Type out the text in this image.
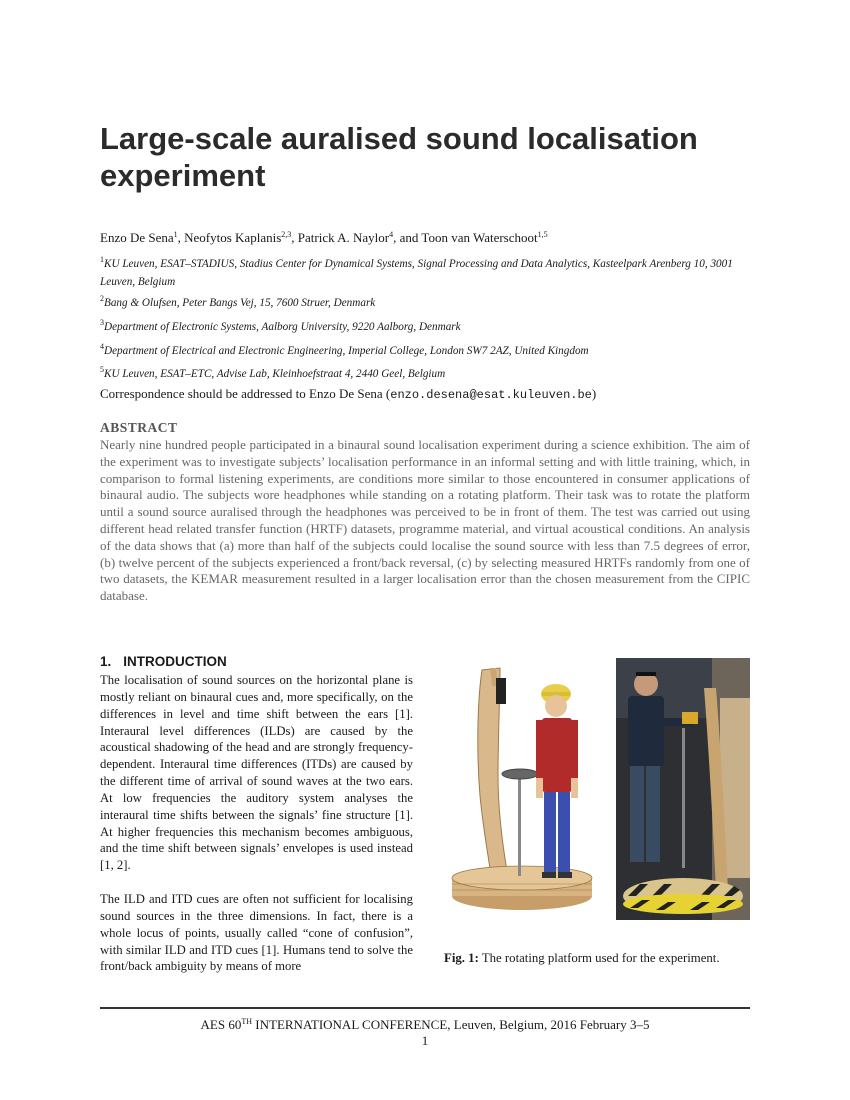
Large-scale auralised sound localisation experiment
Enzo De Sena$^1$, Neofytos Kaplanis$^{2,3}$, Patrick A. Naylor$^4$, and Toon van Waterschoot$^{1,5}$
$^1$KU Leuven, ESAT–STADIUS, Stadius Center for Dynamical Systems, Signal Processing and Data Analytics, Kasteelpark Arenberg 10, 3001 Leuven, Belgium
$^2$Bang & Olufsen, Peter Bangs Vej, 15, 7600 Struer, Denmark
$^3$Department of Electronic Systems, Aalborg University, 9220 Aalborg, Denmark
$^4$Department of Electrical and Electronic Engineering, Imperial College, London SW7 2AZ, United Kingdom
$^5$KU Leuven, ESAT–ETC, Advise Lab, Kleinhoefstraat 4, 2440 Geel, Belgium
Correspondence should be addressed to Enzo De Sena (enzo.desena@esat.kuleuven.be)
ABSTRACT

Nearly nine hundred people participated in a binaural sound localisation experiment during a science exhibition. The aim of the experiment was to investigate subjects’ localisation performance in an informal setting and with little training, which, in comparison to formal listening experiments, are conditions more similar to those encountered in consumer applications of binaural audio. The subjects wore headphones while standing on a rotating platform. Their task was to rotate the platform until a sound source auralised through the headphones was perceived to be in front of them. The test was carried out using different head related transfer function (HRTF) datasets, programme material, and virtual acoustical conditions. An analysis of the data shows that (a) more than half of the subjects could localise the sound source with less than 7.5 degrees of error, (b) twelve percent of the subjects experienced a front/back reversal, (c) by selecting measured HRTFs randomly from one of two datasets, the KEMAR measurement resulted in a larger localisation error than the chosen measurement from the CIPIC database.

1. INTRODUCTION

The localisation of sound sources on the horizontal plane is mostly reliant on binaural cues and, more specifically, on the differences in level and time shift between the ears [1]. Interaural level differences (ILDs) are caused by the acoustical shadowing of the head and are strongly frequency-dependent. Interaural time differences (ITDs) are caused by the different time of arrival of sound waves at the two ears. At low frequencies the auditory system analyses the interaural time shifts between the signals’ fine structure [1]. At higher frequencies this mechanism becomes ambiguous, and the time shift between signals’ envelopes is used instead [1, 2].

The ILD and ITD cues are often not sufficient for localising sound sources in the three dimensions. In fact, there is a whole locus of points, usually called “cone of confusion”, with similar ILD and ITD cues [1]. Humans tend to solve the front/back ambiguity by means of more

Fig. 1: The rotating platform used for the experiment.
AES 60TH INTERNATIONAL CONFERENCE, Leuven, Belgium, 2016 February 3–5
1
